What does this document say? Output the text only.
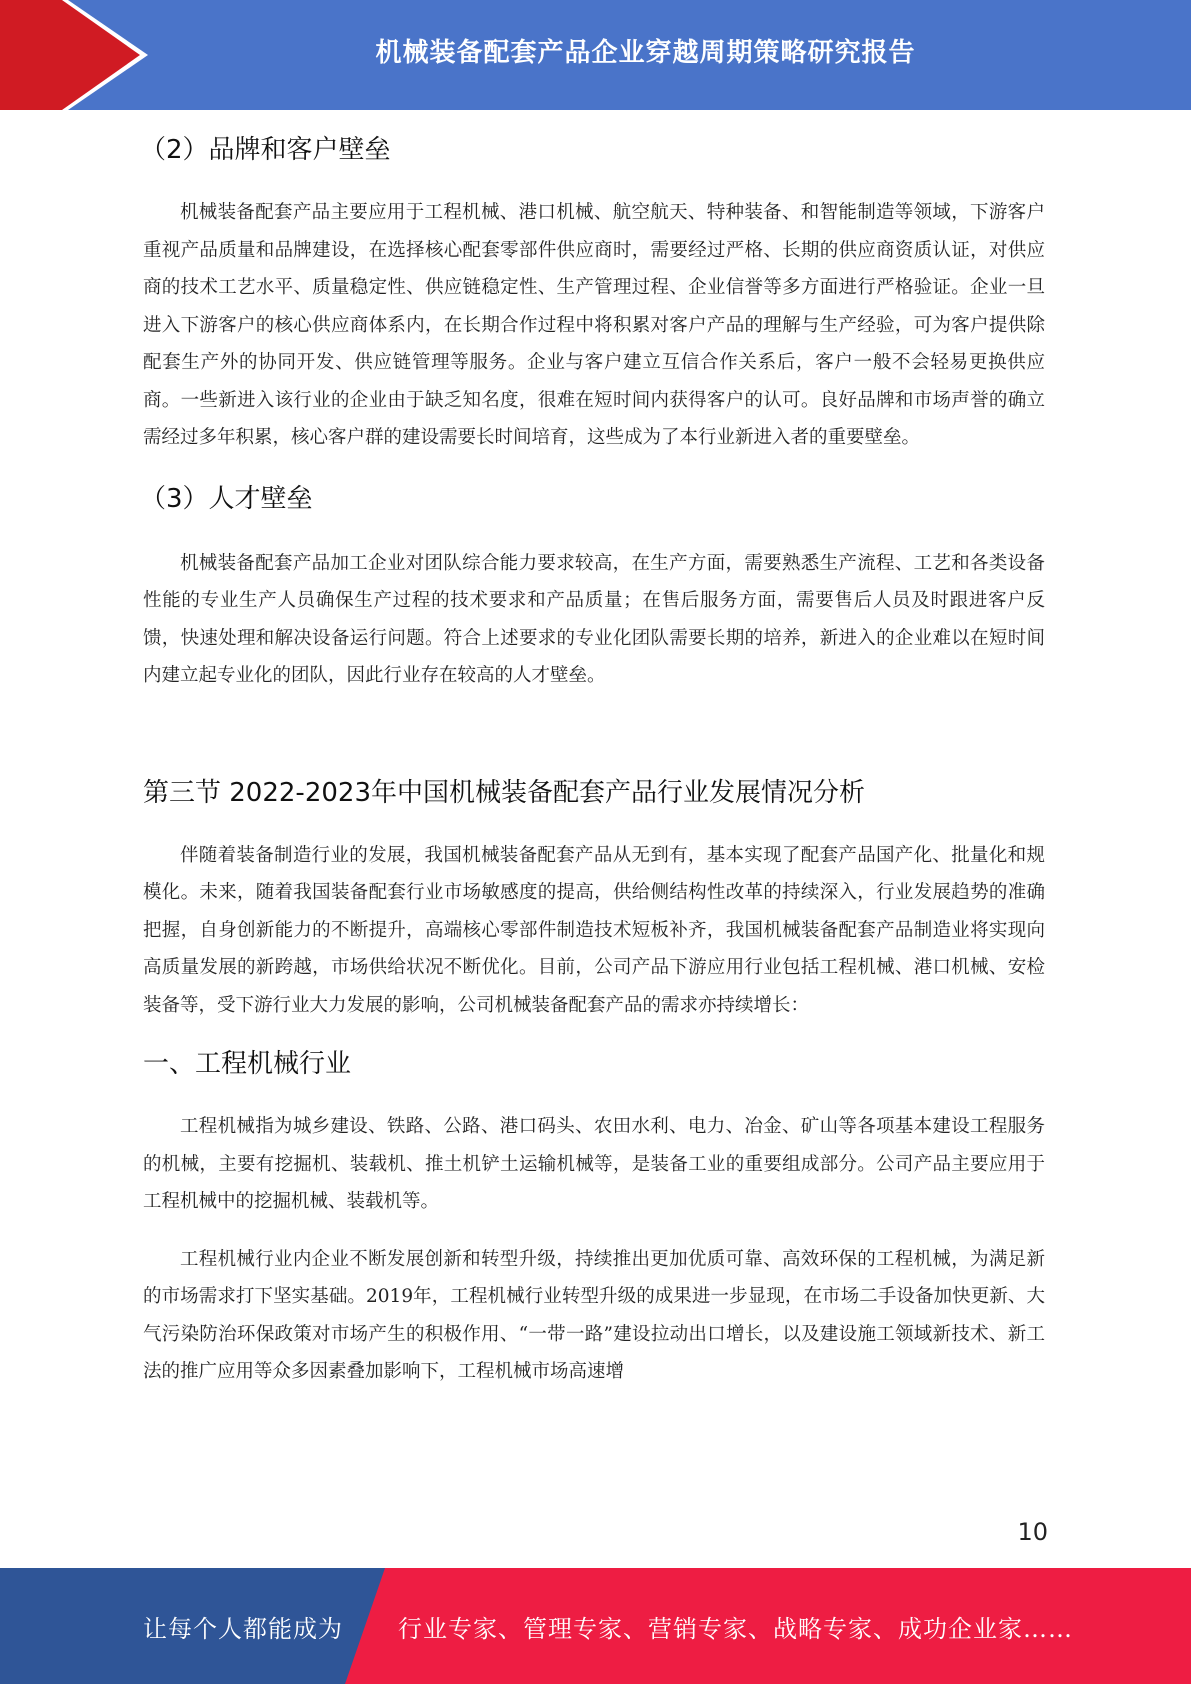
机械装备配套产品企业穿越周期策略研究报告
（2）品牌和客户壁垒

机械装备配套产品主要应用于工程机械、港口机械、航空航天、特种装备、和智能制造等领域，下游客户重视产品质量和品牌建设，在选择核心配套零部件供应商时，需要经过严格、长期的供应商资质认证，对供应商的技术工艺水平、质量稳定性、供应链稳定性、生产管理过程、企业信誉等多方面进行严格验证。企业一旦进入下游客户的核心供应商体系内，在长期合作过程中将积累对客户产品的理解与生产经验，可为客户提供除配套生产外的协同开发、供应链管理等服务。企业与客户建立互信合作关系后，客户一般不会轻易更换供应商。一些新进入该行业的企业由于缺乏知名度，很难在短时间内获得客户的认可。良好品牌和市场声誉的确立需经过多年积累，核心客户群的建设需要长时间培育，这些成为了本行业新进入者的重要壁垒。

（3）人才壁垒

机械装备配套产品加工企业对团队综合能力要求较高，在生产方面，需要熟悉生产流程、工艺和各类设备性能的专业生产人员确保生产过程的技术要求和产品质量；在售后服务方面，需要售后人员及时跟进客户反馈，快速处理和解决设备运行问题。符合上述要求的专业化团队需要长期的培养，新进入的企业难以在短时间内建立起专业化的团队，因此行业存在较高的人才壁垒。

第三节 2022-2023年中国机械装备配套产品行业发展情况分析

伴随着装备制造行业的发展，我国机械装备配套产品从无到有，基本实现了配套产品国产化、批量化和规模化。未来，随着我国装备配套行业市场敏感度的提高，供给侧结构性改革的持续深入，行业发展趋势的准确把握，自身创新能力的不断提升，高端核心零部件制造技术短板补齐，我国机械装备配套产品制造业将实现向高质量发展的新跨越，市场供给状况不断优化。目前，公司产品下游应用行业包括工程机械、港口机械、安检装备等，受下游行业大力发展的影响，公司机械装备配套产品的需求亦持续增长：

一、工程机械行业

工程机械指为城乡建设、铁路、公路、港口码头、农田水利、电力、冶金、矿山等各项基本建设工程服务的机械，主要有挖掘机、装载机、推土机铲土运输机械等，是装备工业的重要组成部分。公司产品主要应用于工程机械中的挖掘机械、装载机等。

工程机械行业内企业不断发展创新和转型升级，持续推出更加优质可靠、高效环保的工程机械，为满足新的市场需求打下坚实基础。2019年，工程机械行业转型升级的成果进一步显现，在市场二手设备加快更新、大气污染防治环保政策对市场产生的积极作用、“一带一路”建设拉动出口增长，以及建设施工领域新技术、新工法的推广应用等众多因素叠加影响下，工程机械市场高速增

10
让每个人都能成为 行业专家、管理专家、营销专家、战略专家、成功企业家……
